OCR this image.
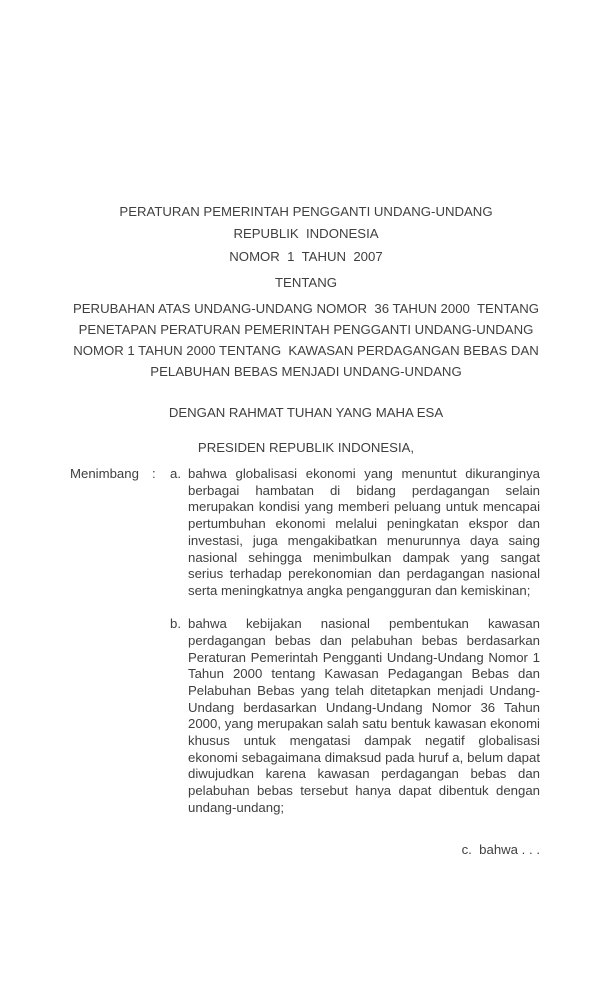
PERATURAN PEMERINTAH PENGGANTI UNDANG-UNDANG
REPUBLIK  INDONESIA
NOMOR  1  TAHUN  2007
TENTANG
PERUBAHAN ATAS UNDANG-UNDANG NOMOR  36 TAHUN 2000  TENTANG
PENETAPAN PERATURAN PEMERINTAH PENGGANTI UNDANG-UNDANG
NOMOR 1 TAHUN 2000 TENTANG  KAWASAN PERDAGANGAN BEBAS DAN
PELABUHAN BEBAS MENJADI UNDANG-UNDANG
DENGAN RAHMAT TUHAN YANG MAHA ESA
PRESIDEN REPUBLIK INDONESIA,
Menimbang :	a. bahwa globalisasi ekonomi yang menuntut dikuranginya berbagai hambatan di bidang perdagangan selain merupakan kondisi yang memberi peluang untuk mencapai pertumbuhan ekonomi melalui peningkatan ekspor dan investasi, juga mengakibatkan menurunnya daya saing nasional sehingga menimbulkan dampak yang sangat serius terhadap perekonomian dan perdagangan nasional serta meningkatnya angka pengangguran dan kemiskinan;
b. bahwa kebijakan nasional pembentukan kawasan perdagangan bebas dan pelabuhan bebas berdasarkan Peraturan Pemerintah Pengganti Undang-Undang Nomor 1 Tahun 2000 tentang Kawasan Pedagangan Bebas dan Pelabuhan Bebas yang telah ditetapkan menjadi Undang-Undang berdasarkan Undang-Undang Nomor 36 Tahun 2000, yang merupakan salah satu bentuk kawasan ekonomi khusus untuk mengatasi dampak negatif globalisasi ekonomi sebagaimana dimaksud pada huruf a, belum dapat diwujudkan karena kawasan perdagangan bebas dan pelabuhan bebas tersebut hanya dapat dibentuk dengan undang-undang;
c.  bahwa . . .
